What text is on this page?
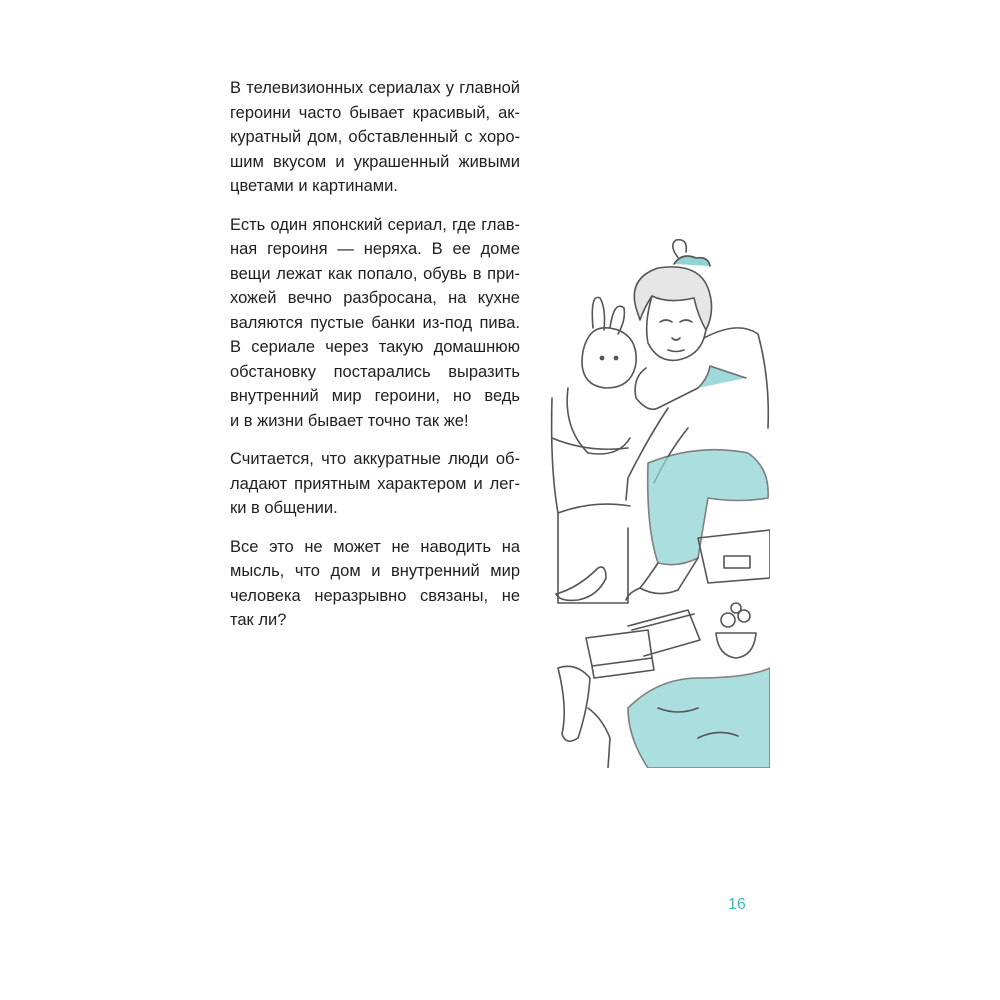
В телевизионных сериалах у главной
героини часто бывает красивый, ак-
куратный дом, обставленный с хоро-
шим вкусом и украшенный живыми
цветами и картинами.

Есть один японский сериал, где глав-
ная героиня — неряха. В ее доме
вещи лежат как попало, обувь в при-
хожей вечно разбросана, на кухне
валяются пустые банки из-под пива.
В сериале через такую домашнюю
обстановку постарались выразить
внутренний мир героини, но ведь
и в жизни бывает точно так же!

Считается, что аккуратные люди об-
ладают приятным характером и лег-
ки в общении.

Все это не может не наводить на
мысль, что дом и внутренний мир
человека неразрывно связаны, не
так ли?

16
